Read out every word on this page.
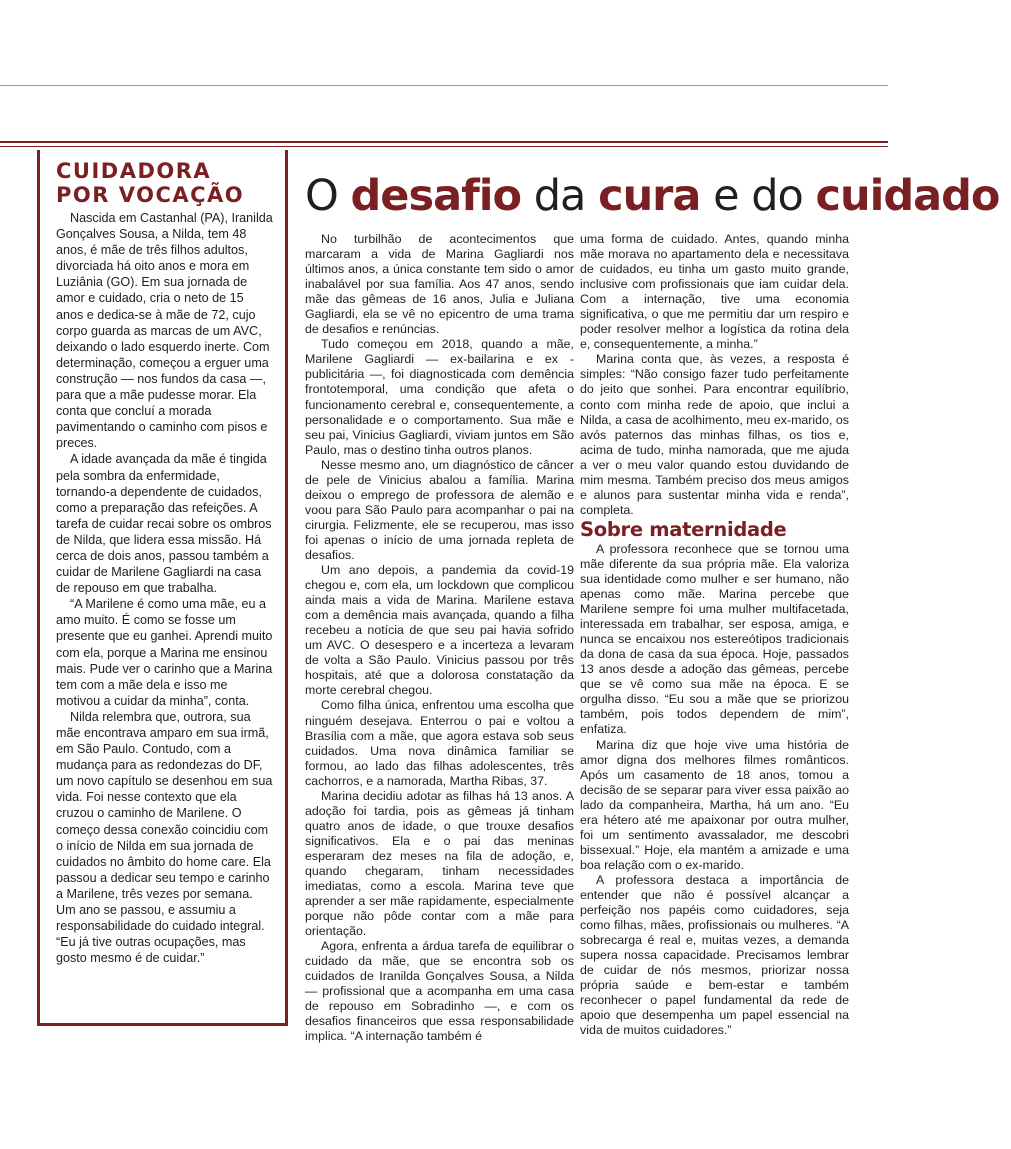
CUIDADORA
POR VOCAÇÃO

Nascida em Castanhal (PA), Iranilda Gonçalves Sousa, a Nilda, tem 48 anos, é mãe de três filhos adultos, divorciada há oito anos e mora em Luziânia (GO). Em sua jornada de amor e cuidado, cria o neto de 15 anos e dedica-se à mãe de 72, cujo corpo guarda as marcas de um AVC, deixando o lado esquerdo inerte. Com determinação, começou a erguer uma construção — nos fundos da casa —, para que a mãe pudesse morar. Ela conta que concluí a morada pavimentando o caminho com pisos e preces.

A idade avançada da mãe é tingida pela sombra da enfermidade, tornando-a dependente de cuidados, como a preparação das refeições. A tarefa de cuidar recai sobre os ombros de Nilda, que lidera essa missão. Há cerca de dois anos, passou também a cuidar de Marilene Gagliardi na casa de repouso em que trabalha.

“A Marilene é como uma mãe, eu a amo muito. É como se fosse um presente que eu ganhei. Aprendi muito com ela, porque a Marina me ensinou mais. Pude ver o carinho que a Marina tem com a mãe dela e isso me motivou a cuidar da minha”, conta.

Nilda relembra que, outrora, sua mãe encontrava amparo em sua irmã, em São Paulo. Contudo, com a mudança para as redondezas do DF, um novo capítulo se desenhou em sua vida. Foi nesse contexto que ela cruzou o caminho de Marilene. O começo dessa conexão coincidiu com o início de Nilda em sua jornada de cuidados no âmbito do home care. Ela passou a dedicar seu tempo e carinho a Marilene, três vezes por semana. Um ano se passou, e assumiu a responsabilidade do cuidado integral. “Eu já tive outras ocupações, mas gosto mesmo é de cuidar.”

O desafio da cura e do cuidado

No turbilhão de acontecimentos que marcaram a vida de Marina Gagliardi nos últimos anos, a única constante tem sido o amor inabalável por sua família. Aos 47 anos, sendo mãe das gêmeas de 16 anos, Julia e Juliana Gagliardi, ela se vê no epicentro de uma trama de desafios e renúncias.

Tudo começou em 2018, quando a mãe, Marilene Gagliardi — ex-bailarina e ex -publicitária —, foi diagnosticada com demência frontotemporal, uma condição que afeta o funcionamento cerebral e, consequentemente, a personalidade e o comportamento. Sua mãe e seu pai, Vinicius Gagliardi, viviam juntos em São Paulo, mas o destino tinha outros planos.

Nesse mesmo ano, um diagnóstico de câncer de pele de Vinicius abalou a família. Marina deixou o emprego de professora de alemão e voou para São Paulo para acompanhar o pai na cirurgia. Felizmente, ele se recuperou, mas isso foi apenas o início de uma jornada repleta de desafios.

Um ano depois, a pandemia da covid-19 chegou e, com ela, um lockdown que complicou ainda mais a vida de Marina. Marilene estava com a demência mais avançada, quando a filha recebeu a notícia de que seu pai havia sofrido um AVC. O desespero e a incerteza a levaram de volta a São Paulo. Vinicius passou por três hospitais, até que a dolorosa constatação da morte cerebral chegou.

Como filha única, enfrentou uma escolha que ninguém desejava. Enterrou o pai e voltou a Brasília com a mãe, que agora estava sob seus cuidados. Uma nova dinâmica familiar se formou, ao lado das filhas adolescentes, três cachorros, e a namorada, Martha Ribas, 37.

Marina decidiu adotar as filhas há 13 anos. A adoção foi tardia, pois as gêmeas já tinham quatro anos de idade, o que trouxe desafios significativos. Ela e o pai das meninas esperaram dez meses na fila de adoção, e, quando chegaram, tinham necessidades imediatas, como a escola. Marina teve que aprender a ser mãe rapidamente, especialmente porque não pôde contar com a mãe para orientação.

Agora, enfrenta a árdua tarefa de equilibrar o cuidado da mãe, que se encontra sob os cuidados de Iranilda Gonçalves Sousa, a Nilda — profissional que a acompanha em uma casa de repouso em Sobradinho —, e com os desafios financeiros que essa responsabilidade implica. “A internação também é

uma forma de cuidado. Antes, quando minha mãe morava no apartamento dela e necessitava de cuidados, eu tinha um gasto muito grande, inclusive com profissionais que iam cuidar dela. Com a internação, tive uma economia significativa, o que me permitiu dar um respiro e poder resolver melhor a logística da rotina dela e, consequentemente, a minha.”

Marina conta que, às vezes, a resposta é simples: “Não consigo fazer tudo perfeitamente do jeito que sonhei. Para encontrar equilíbrio, conto com minha rede de apoio, que inclui a Nilda, a casa de acolhimento, meu ex-marido, os avós paternos das minhas filhas, os tios e, acima de tudo, minha namorada, que me ajuda a ver o meu valor quando estou duvidando de mim mesma. Também preciso dos meus amigos e alunos para sustentar minha vida e renda”, completa.

Sobre maternidade

A professora reconhece que se tornou uma mãe diferente da sua própria mãe. Ela valoriza sua identidade como mulher e ser humano, não apenas como mãe. Marina percebe que Marilene sempre foi uma mulher multifacetada, interessada em trabalhar, ser esposa, amiga, e nunca se encaixou nos estereótipos tradicionais da dona de casa da sua época. Hoje, passados 13 anos desde a adoção das gêmeas, percebe que se vê como sua mãe na época. E se orgulha disso. “Eu sou a mãe que se priorizou também, pois todos dependem de mim”, enfatiza.

Marina diz que hoje vive uma história de amor digna dos melhores filmes românticos. Após um casamento de 18 anos, tomou a decisão de se separar para viver essa paixão ao lado da companheira, Martha, há um ano. “Eu era hétero até me apaixonar por outra mulher, foi um sentimento avassalador, me descobri bissexual.” Hoje, ela mantém a amizade e uma boa relação com o ex-marido.

A professora destaca a importância de entender que não é possível alcançar a perfeição nos papéis como cuidadores, seja como filhas, mães, profissionais ou mulheres. “A sobrecarga é real e, muitas vezes, a demanda supera nossa capacidade. Precisamos lembrar de cuidar de nós mesmos, priorizar nossa própria saúde e bem-estar e também reconhecer o papel fundamental da rede de apoio que desempenha um papel essencial na vida de muitos cuidadores.”
